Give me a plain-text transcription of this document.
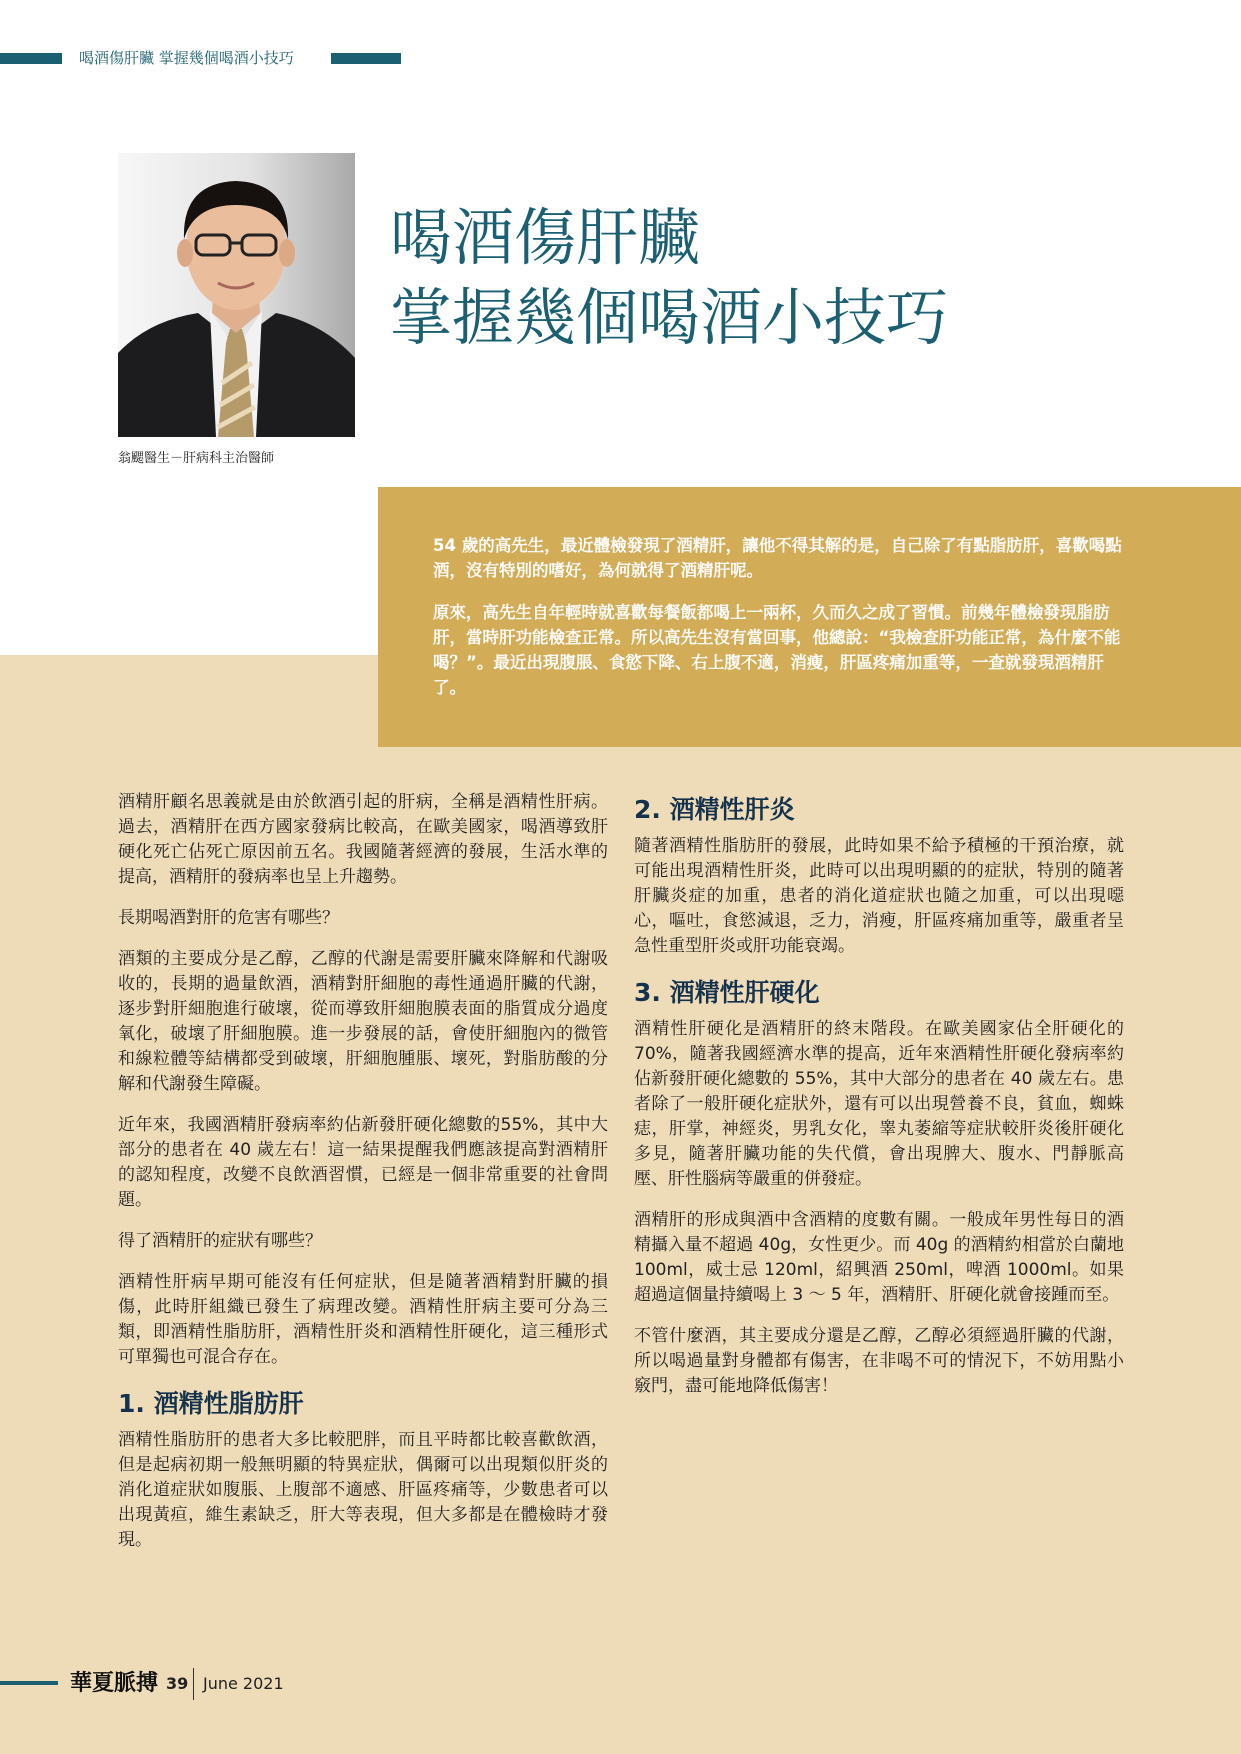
喝酒傷肝臟 掌握幾個喝酒小技巧
翁颸醫生－肝病科主治醫師
喝酒傷肝臟
掌握幾個喝酒小技巧

54 歲的高先生，最近體檢發現了酒精肝，讓他不得其解的是，自己除了有點脂肪肝，喜歡喝點酒，沒有特別的嗜好，為何就得了酒精肝呢。

原來，高先生自年輕時就喜歡每餐飯都喝上一兩杯，久而久之成了習慣。前幾年體檢發現脂肪肝，當時肝功能檢查正常。所以高先生沒有當回事，他總說：“我檢查肝功能正常，為什麼不能喝？”。最近出現腹脹、食慾下降、右上腹不適，消瘦，肝區疼痛加重等，一查就發現酒精肝了。

酒精肝顧名思義就是由於飲酒引起的肝病，全稱是酒精性肝病。過去，酒精肝在西方國家發病比較高，在歐美國家，喝酒導致肝硬化死亡佔死亡原因前五名。我國隨著經濟的發展，生活水準的提高，酒精肝的發病率也呈上升趨勢。

長期喝酒對肝的危害有哪些？

酒類的主要成分是乙醇，乙醇的代謝是需要肝臟來降解和代謝吸收的，長期的過量飲酒，酒精對肝細胞的毒性通過肝臟的代謝，逐步對肝細胞進行破壞，從而導致肝細胞膜表面的脂質成分過度氧化，破壞了肝細胞膜。進一步發展的話，會使肝細胞內的微管和線粒體等結構都受到破壞，肝細胞腫脹、壞死，對脂肪酸的分解和代謝發生障礙。

近年來，我國酒精肝發病率約佔新發肝硬化總數的55%，其中大部分的患者在 40 歲左右！這一結果提醒我們應該提高對酒精肝的認知程度，改變不良飲酒習慣，已經是一個非常重要的社會問題。

得了酒精肝的症狀有哪些？

酒精性肝病早期可能沒有任何症狀，但是隨著酒精對肝臟的損傷，此時肝組織已發生了病理改變。酒精性肝病主要可分為三類，即酒精性脂肪肝，酒精性肝炎和酒精性肝硬化，這三種形式可單獨也可混合存在。

1. 酒精性脂肪肝

酒精性脂肪肝的患者大多比較肥胖，而且平時都比較喜歡飲酒，但是起病初期一般無明顯的特異症狀，偶爾可以出現類似肝炎的消化道症狀如腹脹、上腹部不適感、肝區疼痛等，少數患者可以出現黃疸，維生素缺乏，肝大等表現，但大多都是在體檢時才發現。

2. 酒精性肝炎

隨著酒精性脂肪肝的發展，此時如果不給予積極的干預治療，就可能出現酒精性肝炎，此時可以出現明顯的的症狀，特別的隨著肝臟炎症的加重，患者的消化道症狀也隨之加重，可以出現噁心，嘔吐，食慾減退，乏力，消瘦，肝區疼痛加重等，嚴重者呈急性重型肝炎或肝功能衰竭。

3. 酒精性肝硬化

酒精性肝硬化是酒精肝的終末階段。在歐美國家佔全肝硬化的 70%，隨著我國經濟水準的提高，近年來酒精性肝硬化發病率約佔新發肝硬化總數的 55%，其中大部分的患者在 40 歲左右。患者除了一般肝硬化症狀外，還有可以出現營養不良，貧血，蜘蛛痣，肝掌，神經炎，男乳女化，睾丸萎縮等症狀較肝炎後肝硬化多見，隨著肝臟功能的失代償，會出現脾大、腹水、門靜脈高壓、肝性腦病等嚴重的併發症。

酒精肝的形成與酒中含酒精的度數有關。一般成年男性每日的酒精攝入量不超過 40g，女性更少。而 40g 的酒精約相當於白蘭地 100ml，威士忌 120ml，紹興酒 250ml，啤酒 1000ml。如果超過這個量持續喝上 3 ～ 5 年，酒精肝、肝硬化就會接踵而至。

不管什麼酒，其主要成分還是乙醇，乙醇必須經過肝臟的代謝，所以喝過量對身體都有傷害，在非喝不可的情況下，不妨用點小竅門，盡可能地降低傷害！

華夏脈搏 39 June 2021
